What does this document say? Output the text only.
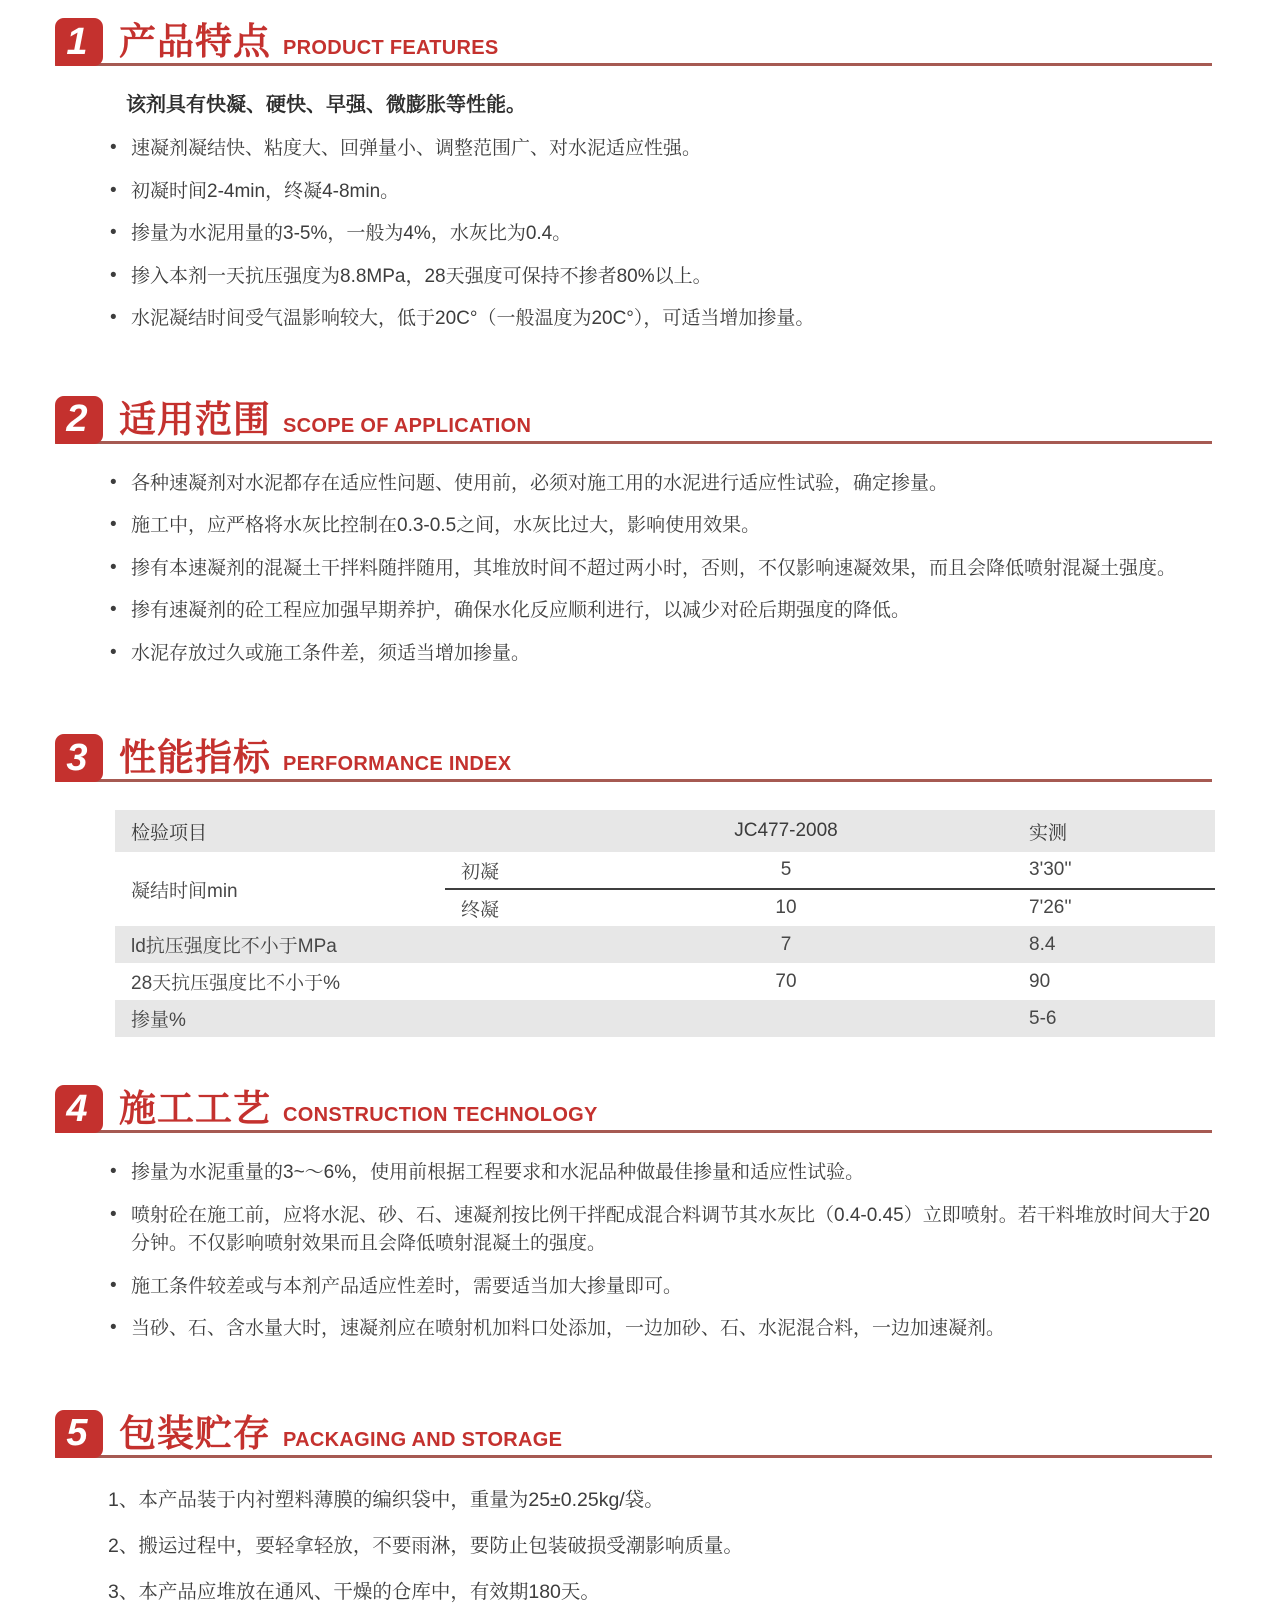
1 产品特点 PRODUCT FEATURES
该剂具有快凝、硬快、早强、微膨胀等性能。
• 速凝剂凝结快、粘度大、回弹量小、调整范围广、对水泥适应性强。
• 初凝时间2-4min，终凝4-8min。
• 掺量为水泥用量的3-5%，一般为4%，水灰比为0.4。
• 掺入本剂一天抗压强度为8.8MPa，28天强度可保持不掺者80%以上。
• 水泥凝结时间受气温影响较大，低于20C°（一般温度为20C°），可适当增加掺量。
2 适用范围 SCOPE OF APPLICATION
• 各种速凝剂对水泥都存在适应性问题、使用前，必须对施工用的水泥进行适应性试验，确定掺量。
• 施工中，应严格将水灰比控制在0.3-0.5之间，水灰比过大，影响使用效果。
• 掺有本速凝剂的混凝土干拌料随拌随用，其堆放时间不超过两小时，否则，不仅影响速凝效果，而且会降低喷射混凝土强度。
• 掺有速凝剂的砼工程应加强早期养护，确保水化反应顺利进行，以减少对砼后期强度的降低。
• 水泥存放过久或施工条件差，须适当增加掺量。
3 性能指标 PERFORMANCE INDEX
检验项目		JC477-2008	实测
凝结时间min	初凝	5	3'30''
	终凝	10	7'26''
ld抗压强度比不小于MPa		7	8.4
28天抗压强度比不小于%		70	90
掺量%			5-6
4 施工工艺 CONSTRUCTION TECHNOLOGY
• 掺量为水泥重量的3~～6%，使用前根据工程要求和水泥品种做最佳掺量和适应性试验。
• 喷射砼在施工前，应将水泥、砂、石、速凝剂按比例干拌配成混合料调节其水灰比（0.4-0.45）立即喷射。若干料堆放时间大于20分钟。不仅影响喷射效果而且会降低喷射混凝土的强度。
• 施工条件较差或与本剂产品适应性差时，需要适当加大掺量即可。
• 当砂、石、含水量大时，速凝剂应在喷射机加料口处添加，一边加砂、石、水泥混合料，一边加速凝剂。
5 包装贮存 PACKAGING AND STORAGE
1、本产品装于内衬塑料薄膜的编织袋中，重量为25±0.25kg/袋。
2、搬运过程中，要轻拿轻放，不要雨淋，要防止包装破损受潮影响质量。
3、本产品应堆放在通风、干燥的仓库中，有效期180天。
